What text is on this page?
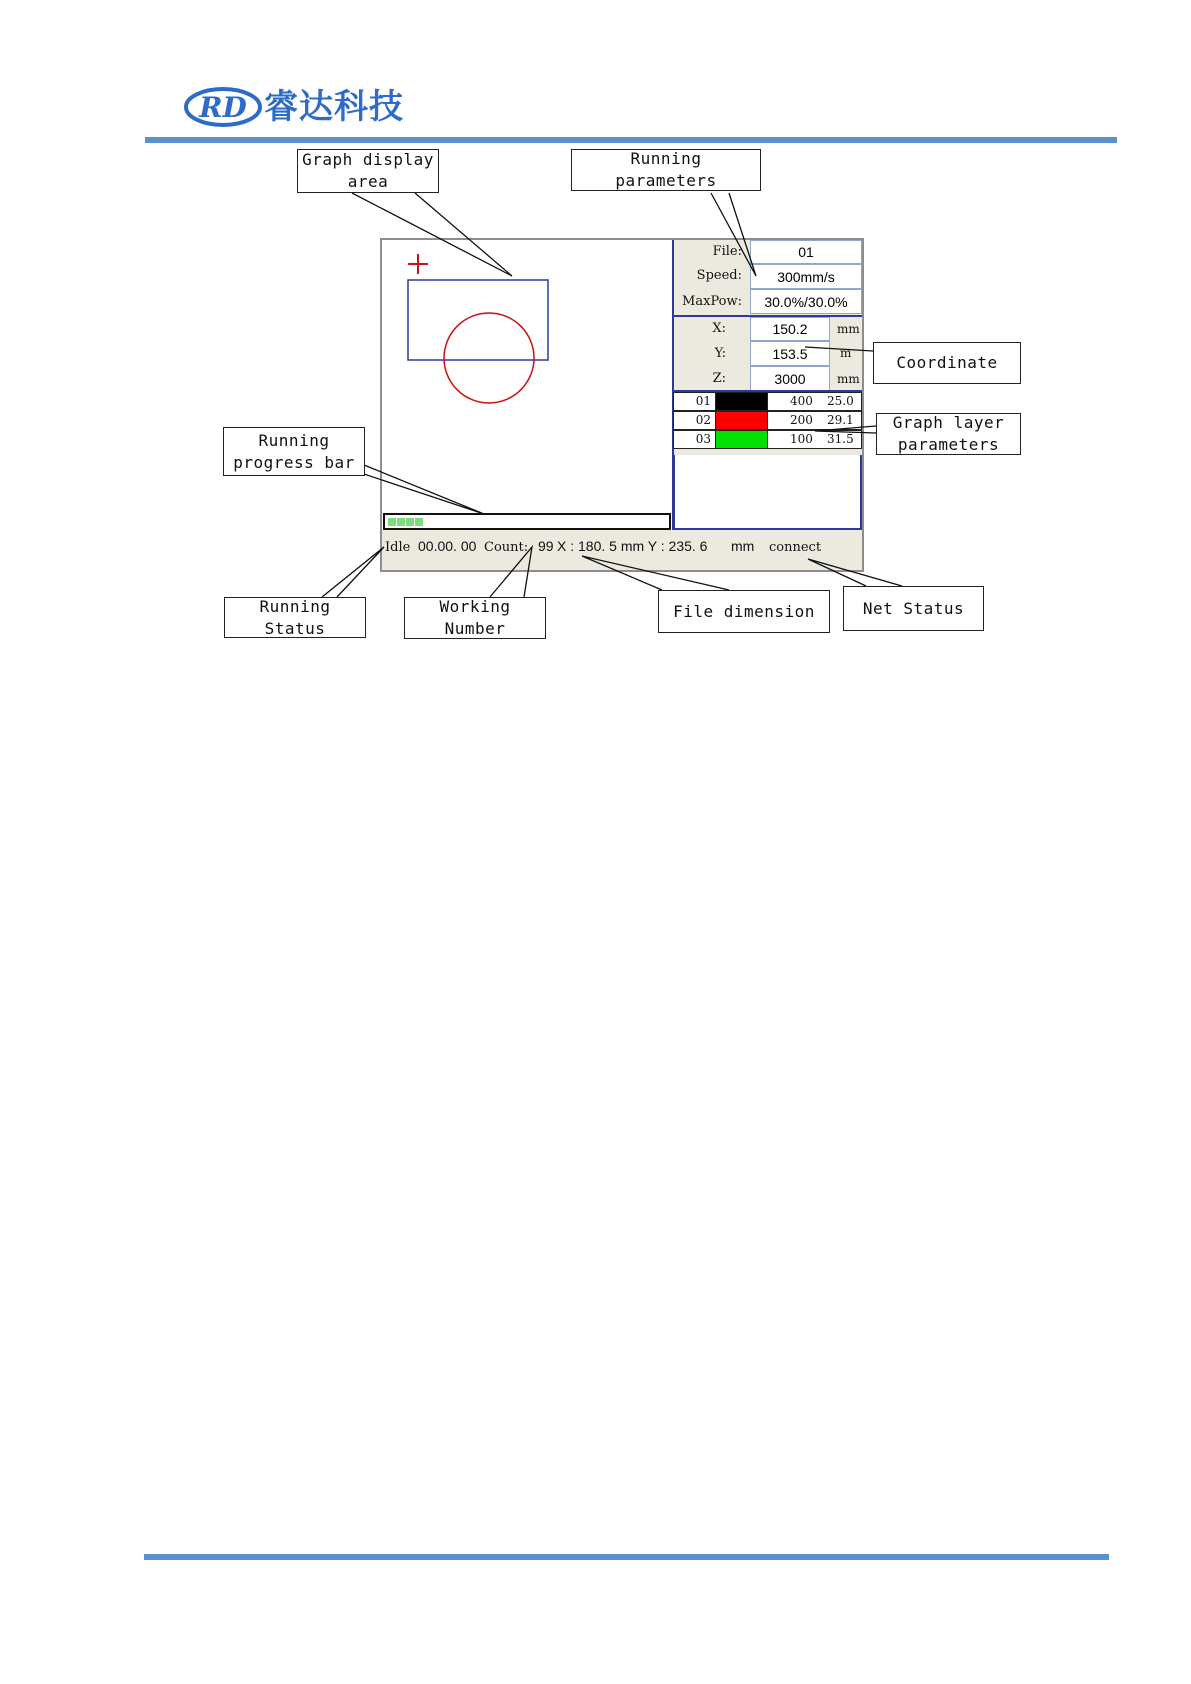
RD 睿达科技
File:	01
Speed:	300mm/s
MaxPow:	30.0%/30.0%
X:	150.2	mm
Y:	153.5	m
Z:	3000	mm
01	400 25.0
02	200 29.1
03	100 31.5
Idle 00.00. 00 Count: 99 X : 180. 5 mm Y : 235. 6 mm connect
Graph display
area
Running
parameters
Coordinate
Graph layer
parameters
Running
progress bar
Running
Status
Working
Number
File dimension	Net Status
